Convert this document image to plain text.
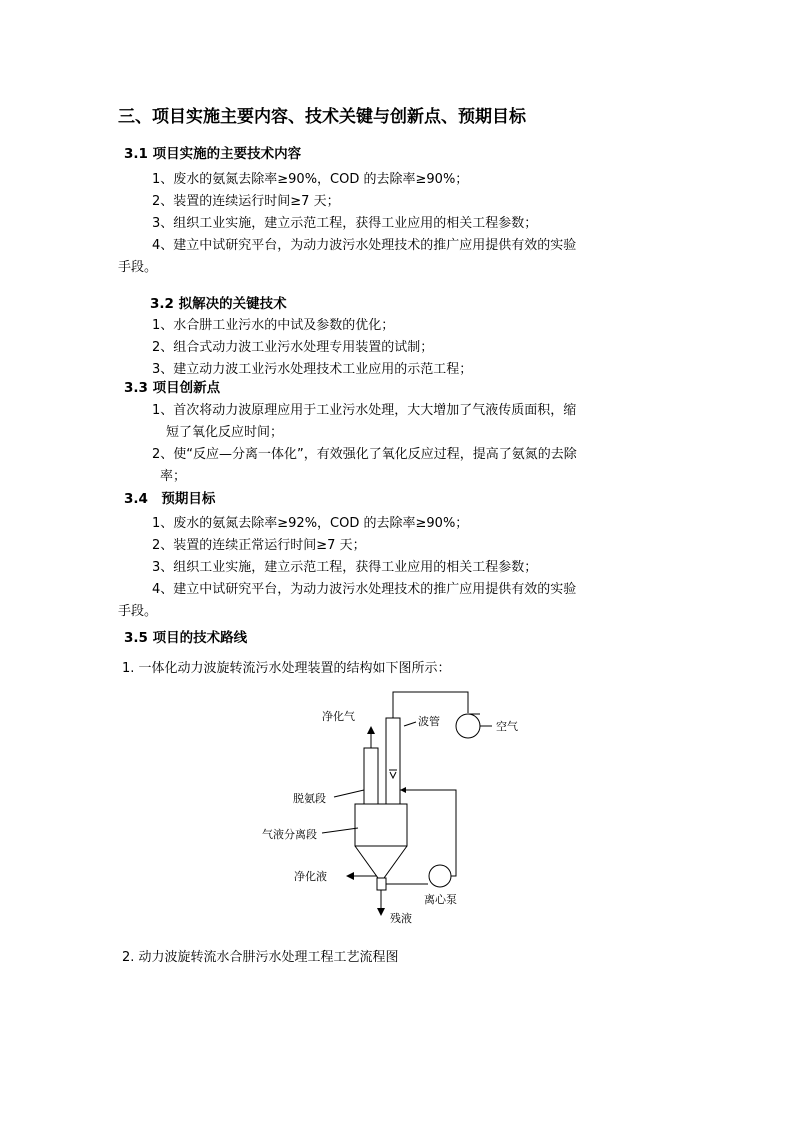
三、项目实施主要内容、技术关键与创新点、预期目标
3.1 项目实施的主要技术内容
1、废水的氨氮去除率≥90%，COD 的去除率≥90%；
2、装置的连续运行时间≥7 天；
3、组织工业实施，建立示范工程，获得工业应用的相关工程参数；
4、建立中试研究平台，为动力波污水处理技术的推广应用提供有效的实验
手段。
3.2 拟解决的关键技术
1、水合肼工业污水的中试及参数的优化；
2、组合式动力波工业污水处理专用装置的试制；
3、建立动力波工业污水处理技术工业应用的示范工程；
3.3 项目创新点
1、首次将动力波原理应用于工业污水处理，大大增加了气液传质面积，缩
短了氧化反应时间；
2、使“反应—分离一体化”，有效强化了氧化反应过程，提高了氨氮的去除
率；
3.4　预期目标
1、废水的氨氮去除率≥92%，COD 的去除率≥90%；
2、装置的连续正常运行时间≥7 天；
3、组织工业实施，建立示范工程，获得工业应用的相关工程参数；
4、建立中试研究平台，为动力波污水处理技术的推广应用提供有效的实验
手段。
3.5 项目的技术路线
1. 一体化动力波旋转流污水处理装置的结构如下图所示：
净化气	波管	空气
脱氨段
气液分离段
净化液
离心泵
残液
2. 动力波旋转流水合肼污水处理工程工艺流程图
